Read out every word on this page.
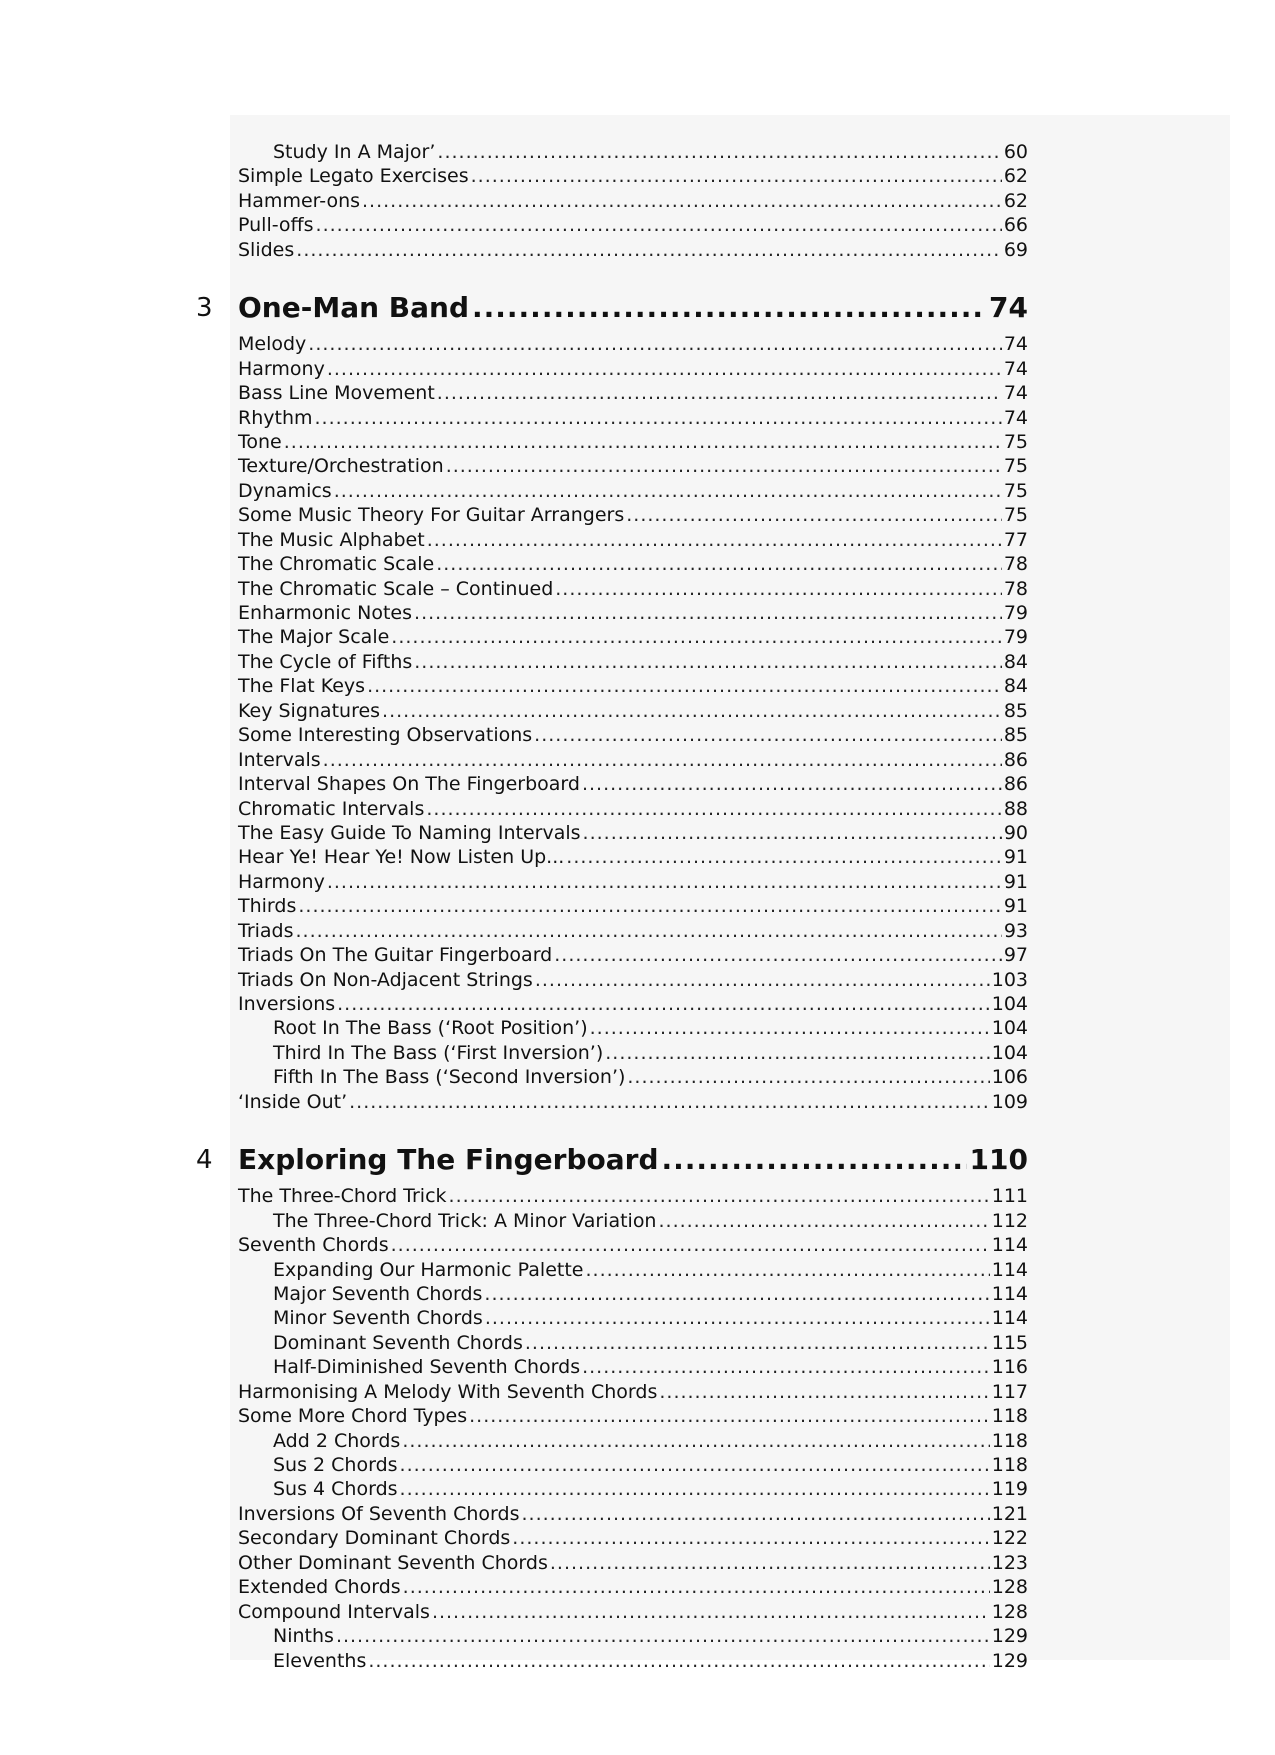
Study In A Major’ .....	60
Simple Legato Exercises .....	62
Hammer-ons .....	62
Pull-offs .....	66
Slides .....	69
3 One-Man Band .....	74
Melody .....	74
Harmony .....	74
Bass Line Movement .....	74
Rhythm .....	74
Tone .....	75
Texture/Orchestration .....	75
Dynamics .....	75
Some Music Theory For Guitar Arrangers .....	75
The Music Alphabet .....	77
The Chromatic Scale .....	78
The Chromatic Scale – Continued .....	78
Enharmonic Notes .....	79
The Major Scale .....	79
The Cycle of Fifths .....	84
The Flat Keys .....	84
Key Signatures .....	85
Some Interesting Observations .....	85
Intervals .....	86
Interval Shapes On The Fingerboard .....	86
Chromatic Intervals .....	88
The Easy Guide To Naming Intervals .....	90
Hear Ye! Hear Ye! Now Listen Up... .....	91
Harmony .....	91
Thirds .....	91
Triads .....	93
Triads On The Guitar Fingerboard .....	97
Triads On Non-Adjacent Strings .....	103
Inversions .....	104
Root In The Bass (‘Root Position’) .....	104
Third In The Bass (‘First Inversion’) .....	104
Fifth In The Bass (‘Second Inversion’) .....	106
‘Inside Out’ .....	109
4 Exploring The Fingerboard .....	110
The Three-Chord Trick .....	111
The Three-Chord Trick: A Minor Variation .....	112
Seventh Chords .....	114
Expanding Our Harmonic Palette .....	114
Major Seventh Chords .....	114
Minor Seventh Chords .....	114
Dominant Seventh Chords .....	115
Half-Diminished Seventh Chords .....	116
Harmonising A Melody With Seventh Chords .....	117
Some More Chord Types .....	118
Add 2 Chords .....	118
Sus 2 Chords .....	118
Sus 4 Chords .....	119
Inversions Of Seventh Chords .....	121
Secondary Dominant Chords .....	122
Other Dominant Seventh Chords .....	123
Extended Chords .....	128
Compound Intervals .....	128
Ninths .....	129
Elevenths .....	129
